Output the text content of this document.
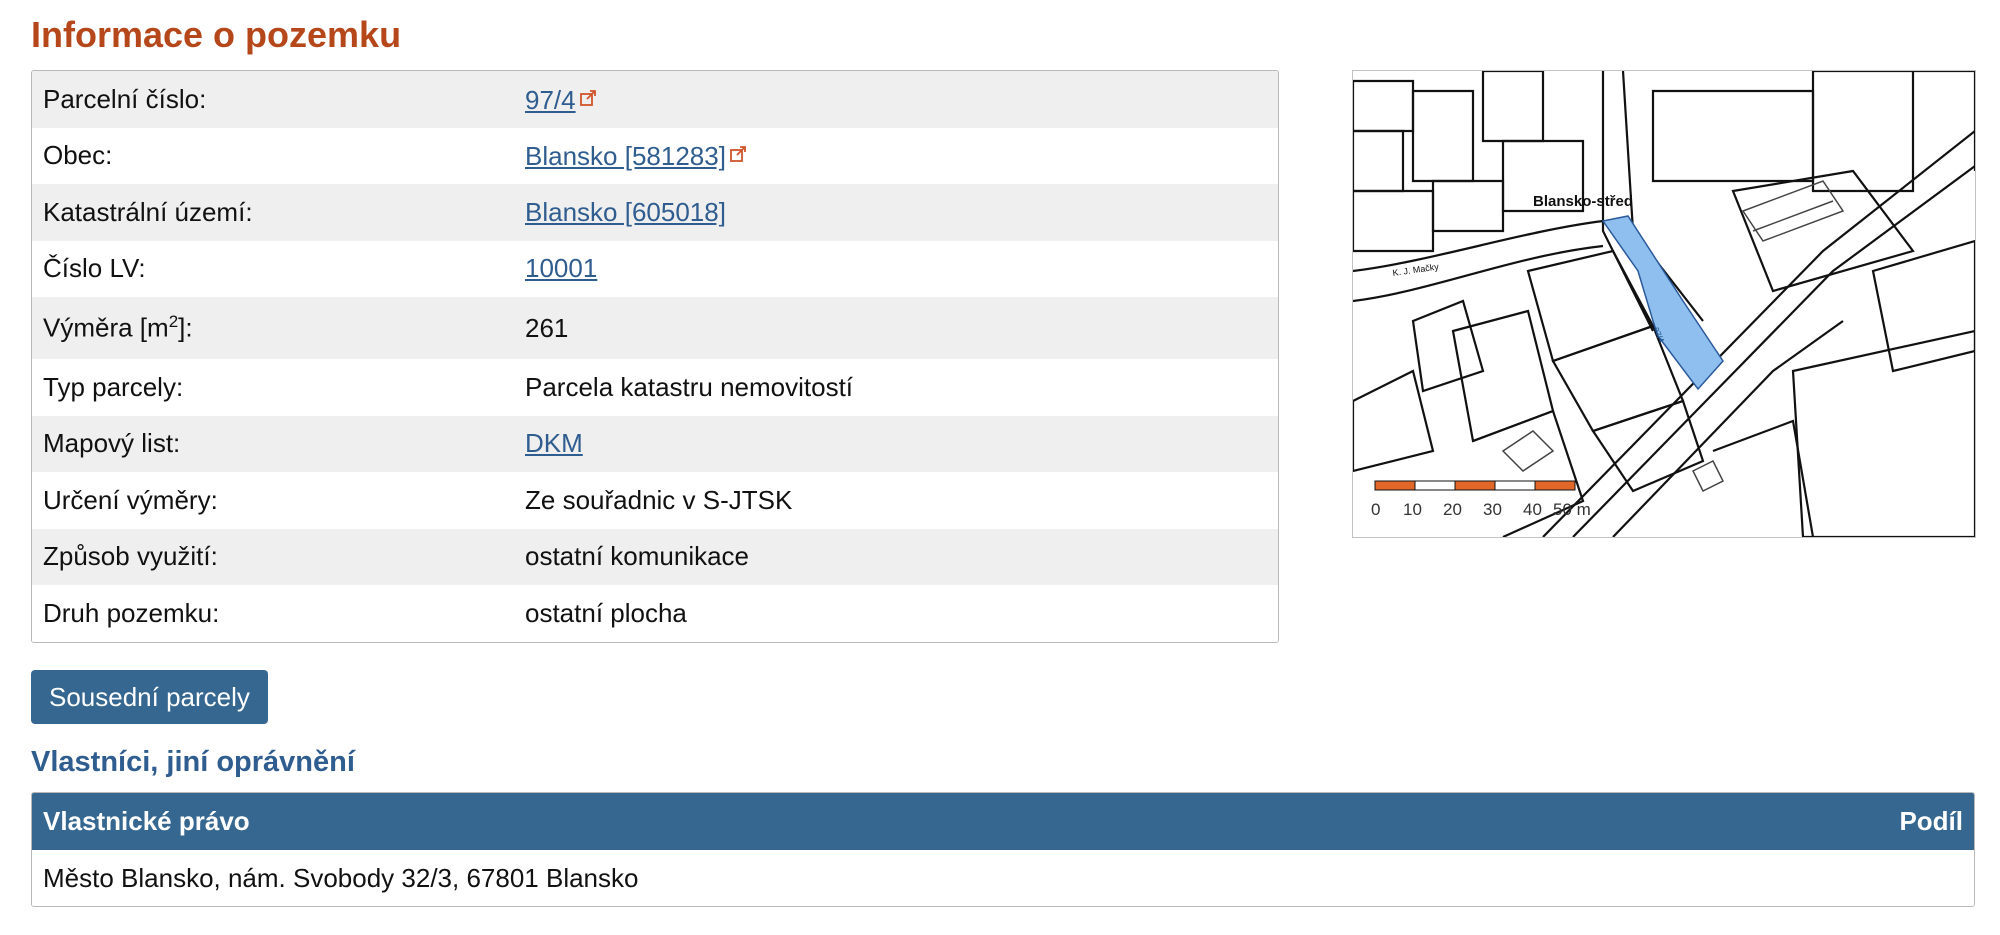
Informace o pozemku
Parcelní číslo:	97/4
Obec:	Blansko [581283]
Katastrální území:	Blansko [605018]
Číslo LV:	10001
Výměra $[m^2]$:	261
Typ parcely:	Parcela katastru nemovitostí
Mapový list:	DKM
Určení výměry:	Ze souřadnic v S-JTSK
Způsob využití:	ostatní komunikace
Druh pozemku:	ostatní plocha
Blansko-střed
K. J. Mačky
97/4
0 10 20 30 40 50 m
Sousední parcely
Vlastníci, jiní oprávnění
Vlastnické právo	Podíl
Město Blansko, nám. Svobody 32/3, 67801 Blansko
